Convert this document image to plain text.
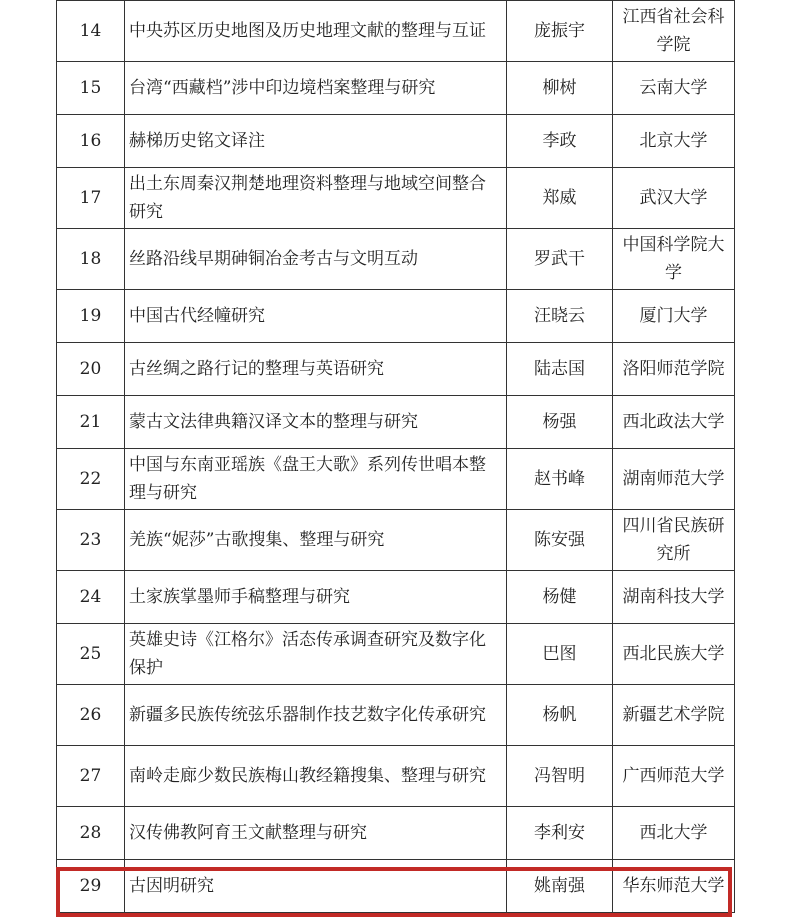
14	中央苏区历史地图及历史地理文献的整理与互证	庞振宇	江西省社会科学院
15	台湾“西藏档”涉中印边境档案整理与研究	柳树	云南大学
16	赫梯历史铭文译注	李政	北京大学
17	出土东周秦汉荆楚地理资料整理与地域空间整合研究	郑威	武汉大学
18	丝路沿线早期砷铜冶金考古与文明互动	罗武干	中国科学院大学
19	中国古代经幢研究	汪晓云	厦门大学
20	古丝绸之路行记的整理与英语研究	陆志国	洛阳师范学院
21	蒙古文法律典籍汉译文本的整理与研究	杨强	西北政法大学
22	中国与东南亚瑶族《盘王大歌》系列传世唱本整理与研究	赵书峰	湖南师范大学
23	羌族“妮莎”古歌搜集、整理与研究	陈安强	四川省民族研究所
24	土家族掌墨师手稿整理与研究	杨健	湖南科技大学
25	英雄史诗《江格尔》活态传承调查研究及数字化保护	巴图	西北民族大学
26	新疆多民族传统弦乐器制作技艺数字化传承研究	杨帆	新疆艺术学院
27	南岭走廊少数民族梅山教经籍搜集、整理与研究	冯智明	广西师范大学
28	汉传佛教阿育王文献整理与研究	李利安	西北大学
29	古因明研究	姚南强	华东师范大学
